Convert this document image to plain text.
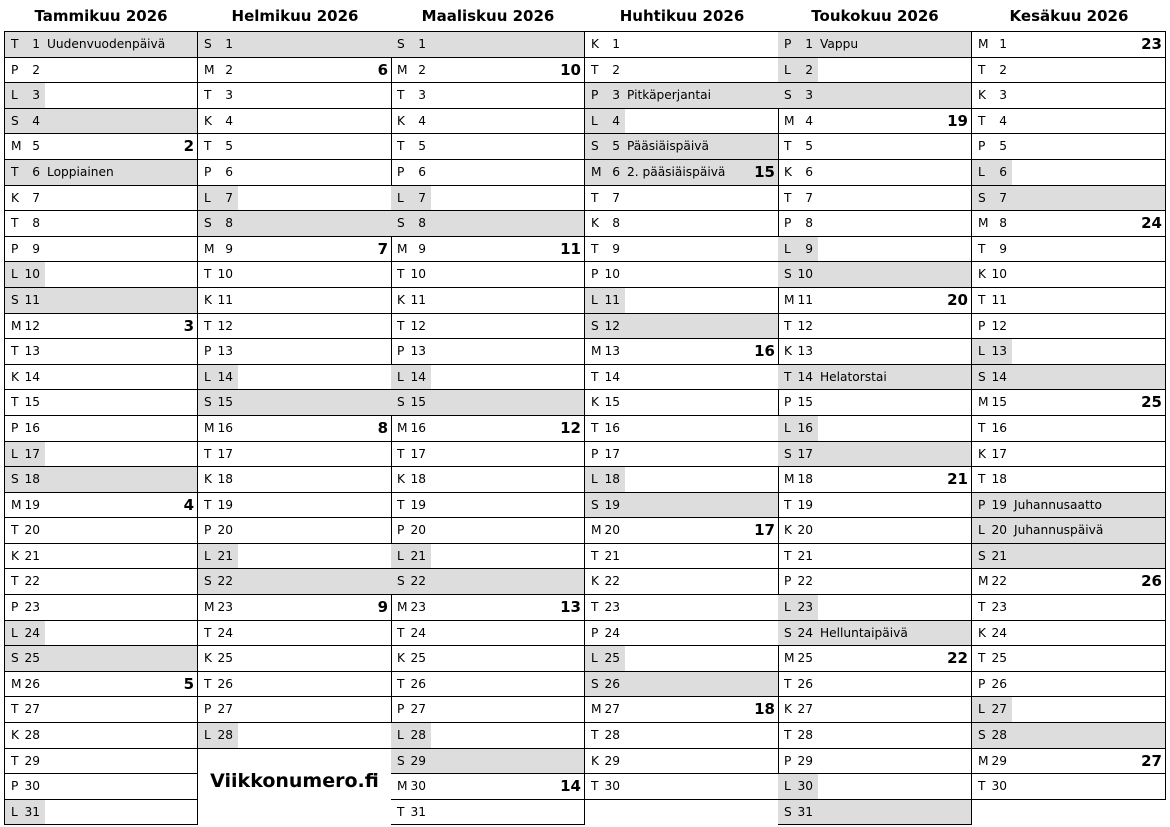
Tammikuu 2026
T	1 Uudenvuodenpäivä
P	2
L	3
S	4
M 5	2
T	6 Loppiainen
K	7
T	8
P	9
L 10
S 11
M 12	3
T 13
K 14
T 15
P 16
L 17
S 18
M 19	4
T 20
K 21
T 22
P 23
L 24
S 25
M 26	5
T 27
K 28
T 29
P 30
L 31
Helmikuu 2026
S	1
M 2	6
T	3
K	4
T	5
P	6
L	7
S	8
M 9	7
T 10
K 11
T 12
P 13
L 14
S 15
M 16	8
T 17
K 18
T 19
P 20
L 21
S 22
M 23	9
T 24
K 25
T 26
P 27
L 28
Maaliskuu 2026
S	1
M 2	10
T	3
K	4
T	5
P	6
L	7
S	8
M 9	11
T 10
K 11
T 12
P 13
L 14
S 15
M 16	12
T 17
K 18
T 19
P 20
L 21
S 22
M 23	13
T 24
K 25
T 26
P 27
L 28
S 29
M 30	14
T 31
Huhtikuu 2026
K	1
T	2
P	3 Pitkäperjantai
L	4
S	5 Pääsiäispäivä
M 6 2. pääsiäispäivä 15
T	7
K	8
T	9
P 10
L 11
S 12
M 13	16
T 14
K 15
T 16
P 17
L 18
S 19
M 20	17
T 21
K 22
T 23
P 24
L 25
S 26
M 27	18
T 28
K 29
T 30
Toukokuu 2026
P	1 Vappu
L	2
S	3
M 4	19
T	5
K	6
T	7
P	8
L	9
S 10
M 11	20
T 12
K 13
T 14 Helatorstai
P 15
L 16
S 17
M 18	21
T 19
K 20
T 21
P 22
L 23
S 24 Helluntaipäivä
M 25	22
T 26
K 27
T 28
P 29
L 30
S 31
Kesäkuu 2026
M 1	23
T	2
K	3
T	4
P	5
L	6
S	7
M 8	24
T	9
K 10
T 11
P 12
L 13
S 14
M 15	25
T 16
K 17
T 18
P 19 Juhannusaatto
L 20 Juhannuspäivä
S 21
M 22	26
T 23
K 24
T 25
P 26
L 27
S 28
M 29	27
T 30
Viikkonumero.fi
